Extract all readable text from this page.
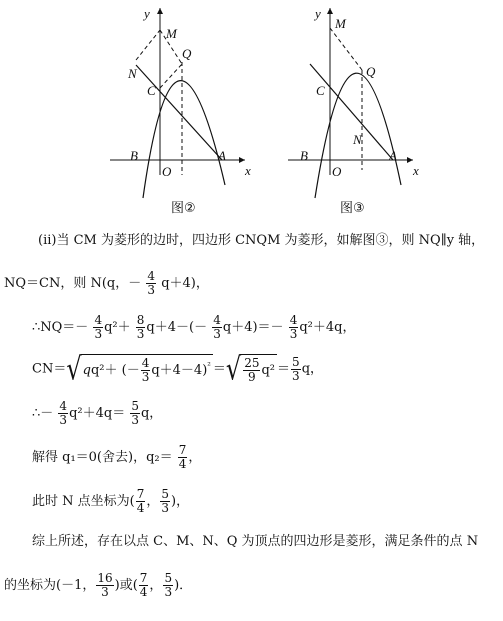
y
x
M
Q
N
C
B
O
A
图②
y
x
M
Q
N
C
B
O
A
图③
(ii)当 CM 为菱形的边时，四边形 CNQM 为菱形，如解图③，则 NQ∥y 轴，
NQ＝CN，则 N(q，－ $\frac{4}{3} q+4$)，
∴NQ＝－ $\frac{4}{3} q^2+ \frac{8}{3} q+4-(- \frac{4}{3} q+4)=- \frac{4}{3} q^2+4q$，
CN＝√qq²＋ (－ $\frac{4}{3} q+4-4)^{^2}$ ＝√ $\frac{25}{9} q^2 = \frac{5}{3}$ q，
∴－ $\frac{4}{3} q^2+4q= \frac{5}{3}$ q，
解得 q₁＝0(舍去)，$q_2= \frac{7}{4}$ ，
此时 N 点坐标为( $\frac{7}{4}$ ， $\frac{5}{3}$ )，
综上所述，存在以点 C、M、N、Q 为顶点的四边形是菱形，满足条件的点 N
的坐标为(－1， $\frac{16}{3}$ )或( $\frac{7}{4}$ ， $\frac{5}{3}$ )．
